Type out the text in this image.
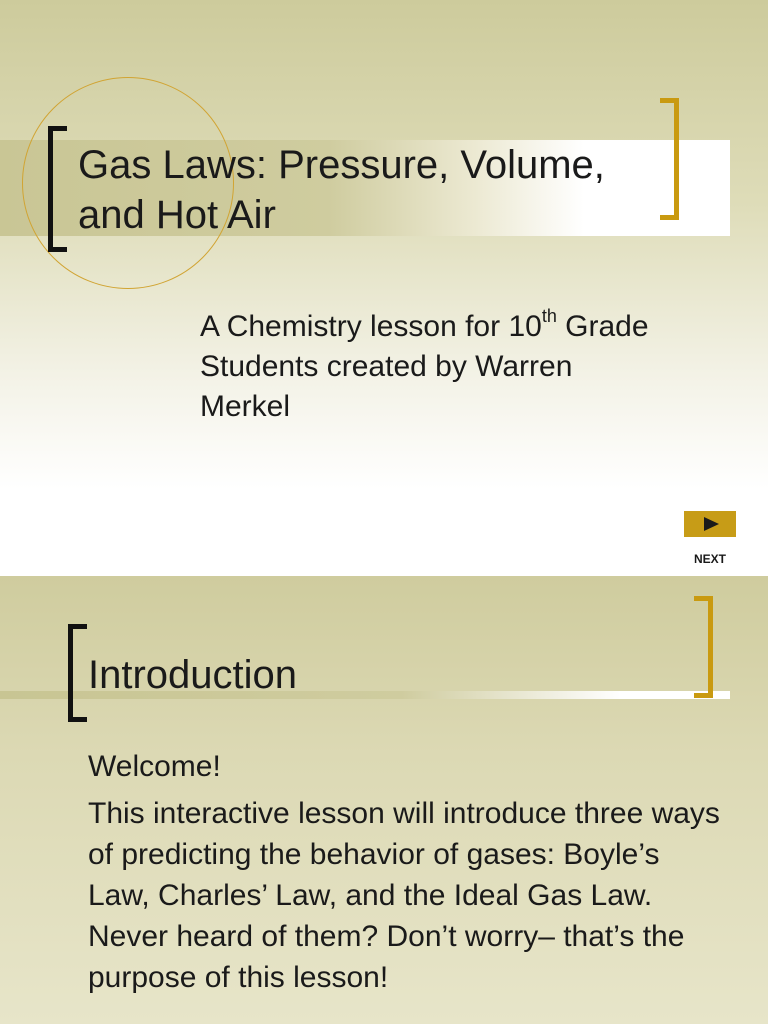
Gas Laws: Pressure, Volume, and Hot Air
A Chemistry lesson for 10th Grade Students created by Warren Merkel
NEXT
Introduction

Welcome!

This interactive lesson will introduce three ways of predicting the behavior of gases: Boyle’s Law, Charles’ Law, and the Ideal Gas Law. Never heard of them? Don’t worry– that’s the purpose of this lesson!
